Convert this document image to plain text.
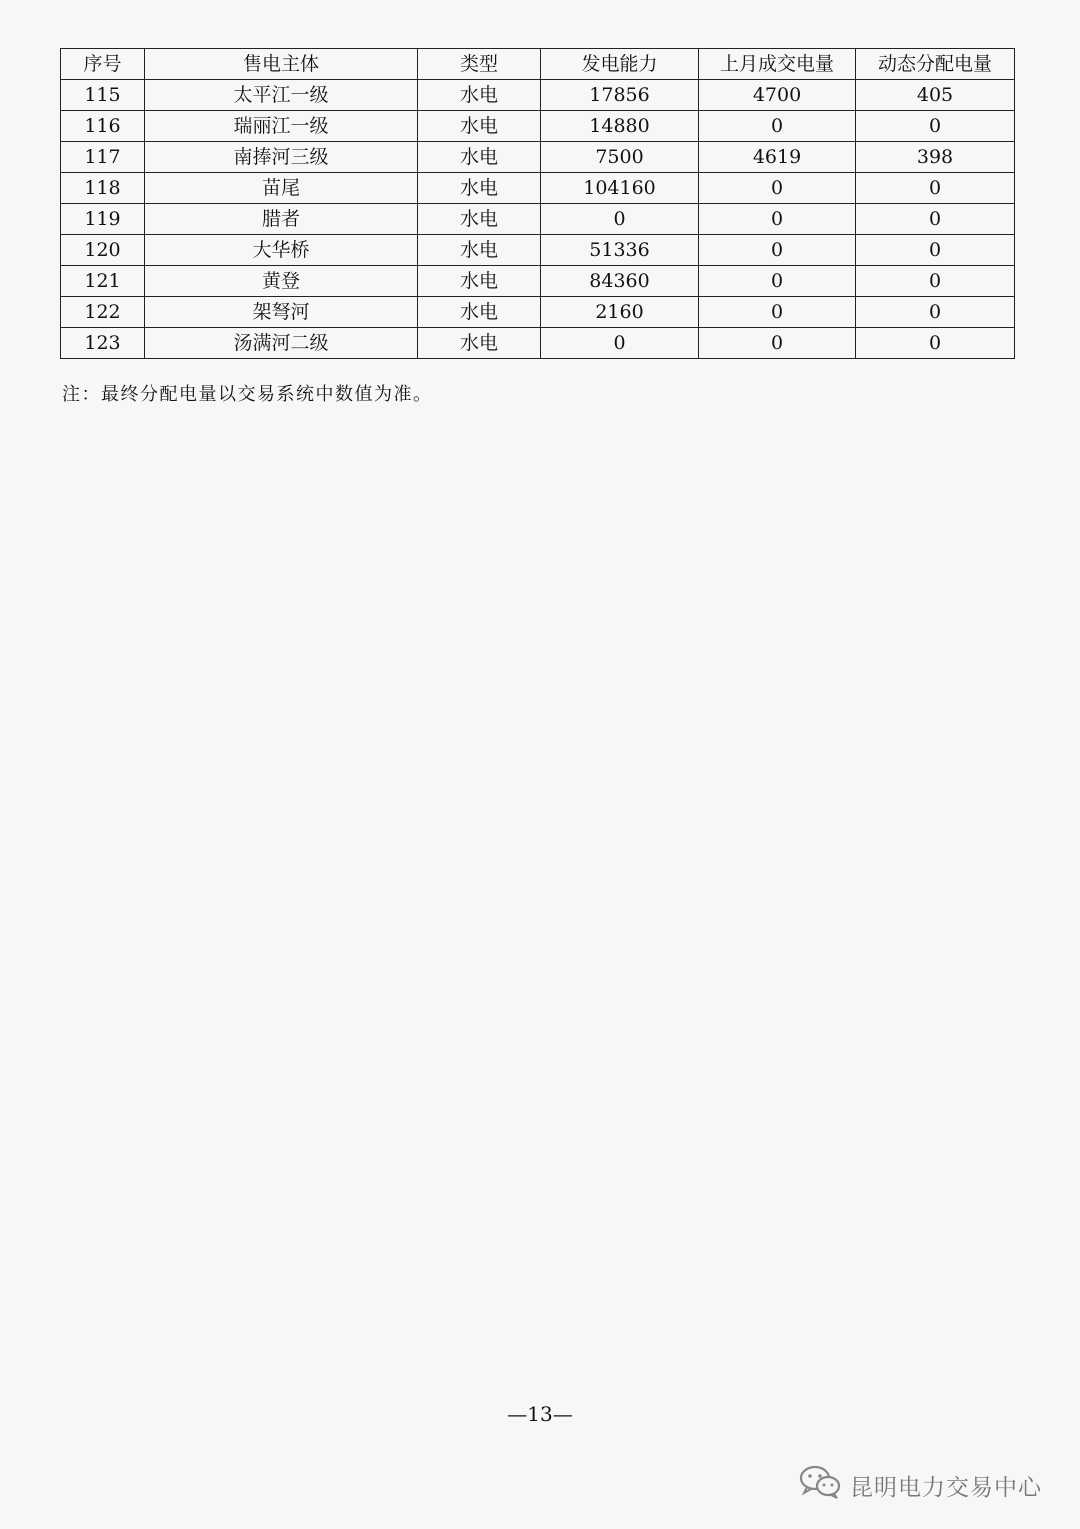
序号	售电主体	类型	发电能力	上月成交电量	动态分配电量
115	太平江一级	水电	17856	4700	405
116	瑞丽江一级	水电	14880	0	0
117	南捧河三级	水电	7500	4619	398
118	苗尾	水电	104160	0	0
119	腊者	水电	0	0	0
120	大华桥	水电	51336	0	0
121	黄登	水电	84360	0	0
122	架弩河	水电	2160	0	0
123	汤满河二级	水电	0	0	0
注：最终分配电量以交易系统中数值为准。
—13—
昆明电力交易中心
